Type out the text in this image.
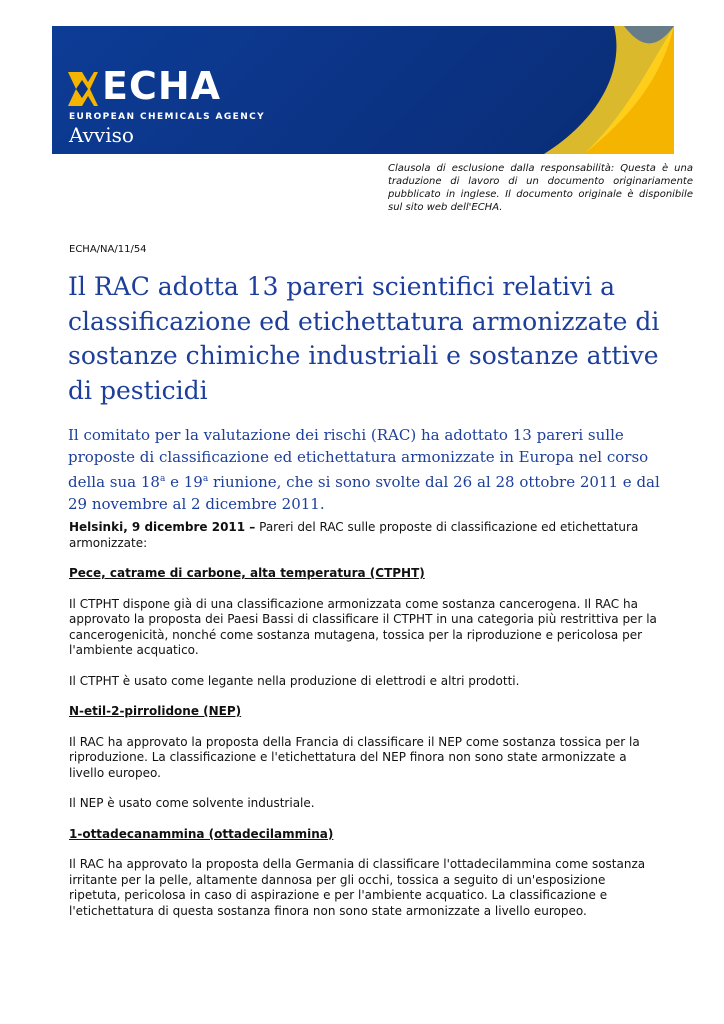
ECHA
EUROPEAN CHEMICALS AGENCY
Avviso
Clausola di esclusione dalla responsabilità: Questa è una traduzione di lavoro di un documento originariamente pubblicato in inglese. Il documento originale è disponibile sul sito web dell'ECHA.
ECHA/NA/11/54
Il RAC adotta 13 pareri scientifici relativi a classificazione ed etichettatura armonizzate di sostanze chimiche industriali e sostanze attive di pesticidi
Il comitato per la valutazione dei rischi (RAC) ha adottato 13 pareri sulle proposte di classificazione ed etichettatura armonizzate in Europa nel corso della sua 18$^a$ e 19$^a$ riunione, che si sono svolte dal 26 al 28 ottobre 2011 e dal 29 novembre al 2 dicembre 2011.

Helsinki, 9 dicembre 2011 – Pareri del RAC sulle proposte di classificazione ed etichettatura armonizzate:

Pece, catrame di carbone, alta temperatura (CTPHT)

Il CTPHT dispone già di una classificazione armonizzata come sostanza cancerogena. Il RAC ha approvato la proposta dei Paesi Bassi di classificare il CTPHT in una categoria più restrittiva per la cancerogenicità, nonché come sostanza mutagena, tossica per la riproduzione e pericolosa per l'ambiente acquatico.

Il CTPHT è usato come legante nella produzione di elettrodi e altri prodotti.

N-etil-2-pirrolidone (NEP)

Il RAC ha approvato la proposta della Francia di classificare il NEP come sostanza tossica per la riproduzione. La classificazione e l'etichettatura del NEP finora non sono state armonizzate a livello europeo.

Il NEP è usato come solvente industriale.

1-ottadecanammina (ottadecilammina)

Il RAC ha approvato la proposta della Germania di classificare l'ottadecilammina come sostanza irritante per la pelle, altamente dannosa per gli occhi, tossica a seguito di un'esposizione ripetuta, pericolosa in caso di aspirazione e per l'ambiente acquatico. La classificazione e l'etichettatura di questa sostanza finora non sono state armonizzate a livello europeo.
